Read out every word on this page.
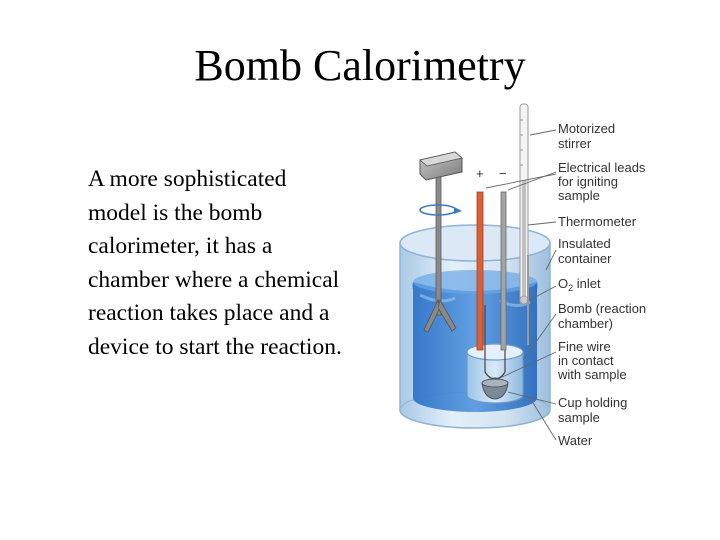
Bomb Calorimetry
A more sophisticated model is the bomb calorimeter, it has a chamber where a chemical reaction takes place and a device to start the reaction.
+ −
Motorized stirrer
Electrical leads for igniting sample
Thermometer
Insulated container
$O_2$ inlet
Bomb (reaction chamber)
Fine wire in contact with sample
Cup holding sample
Water
